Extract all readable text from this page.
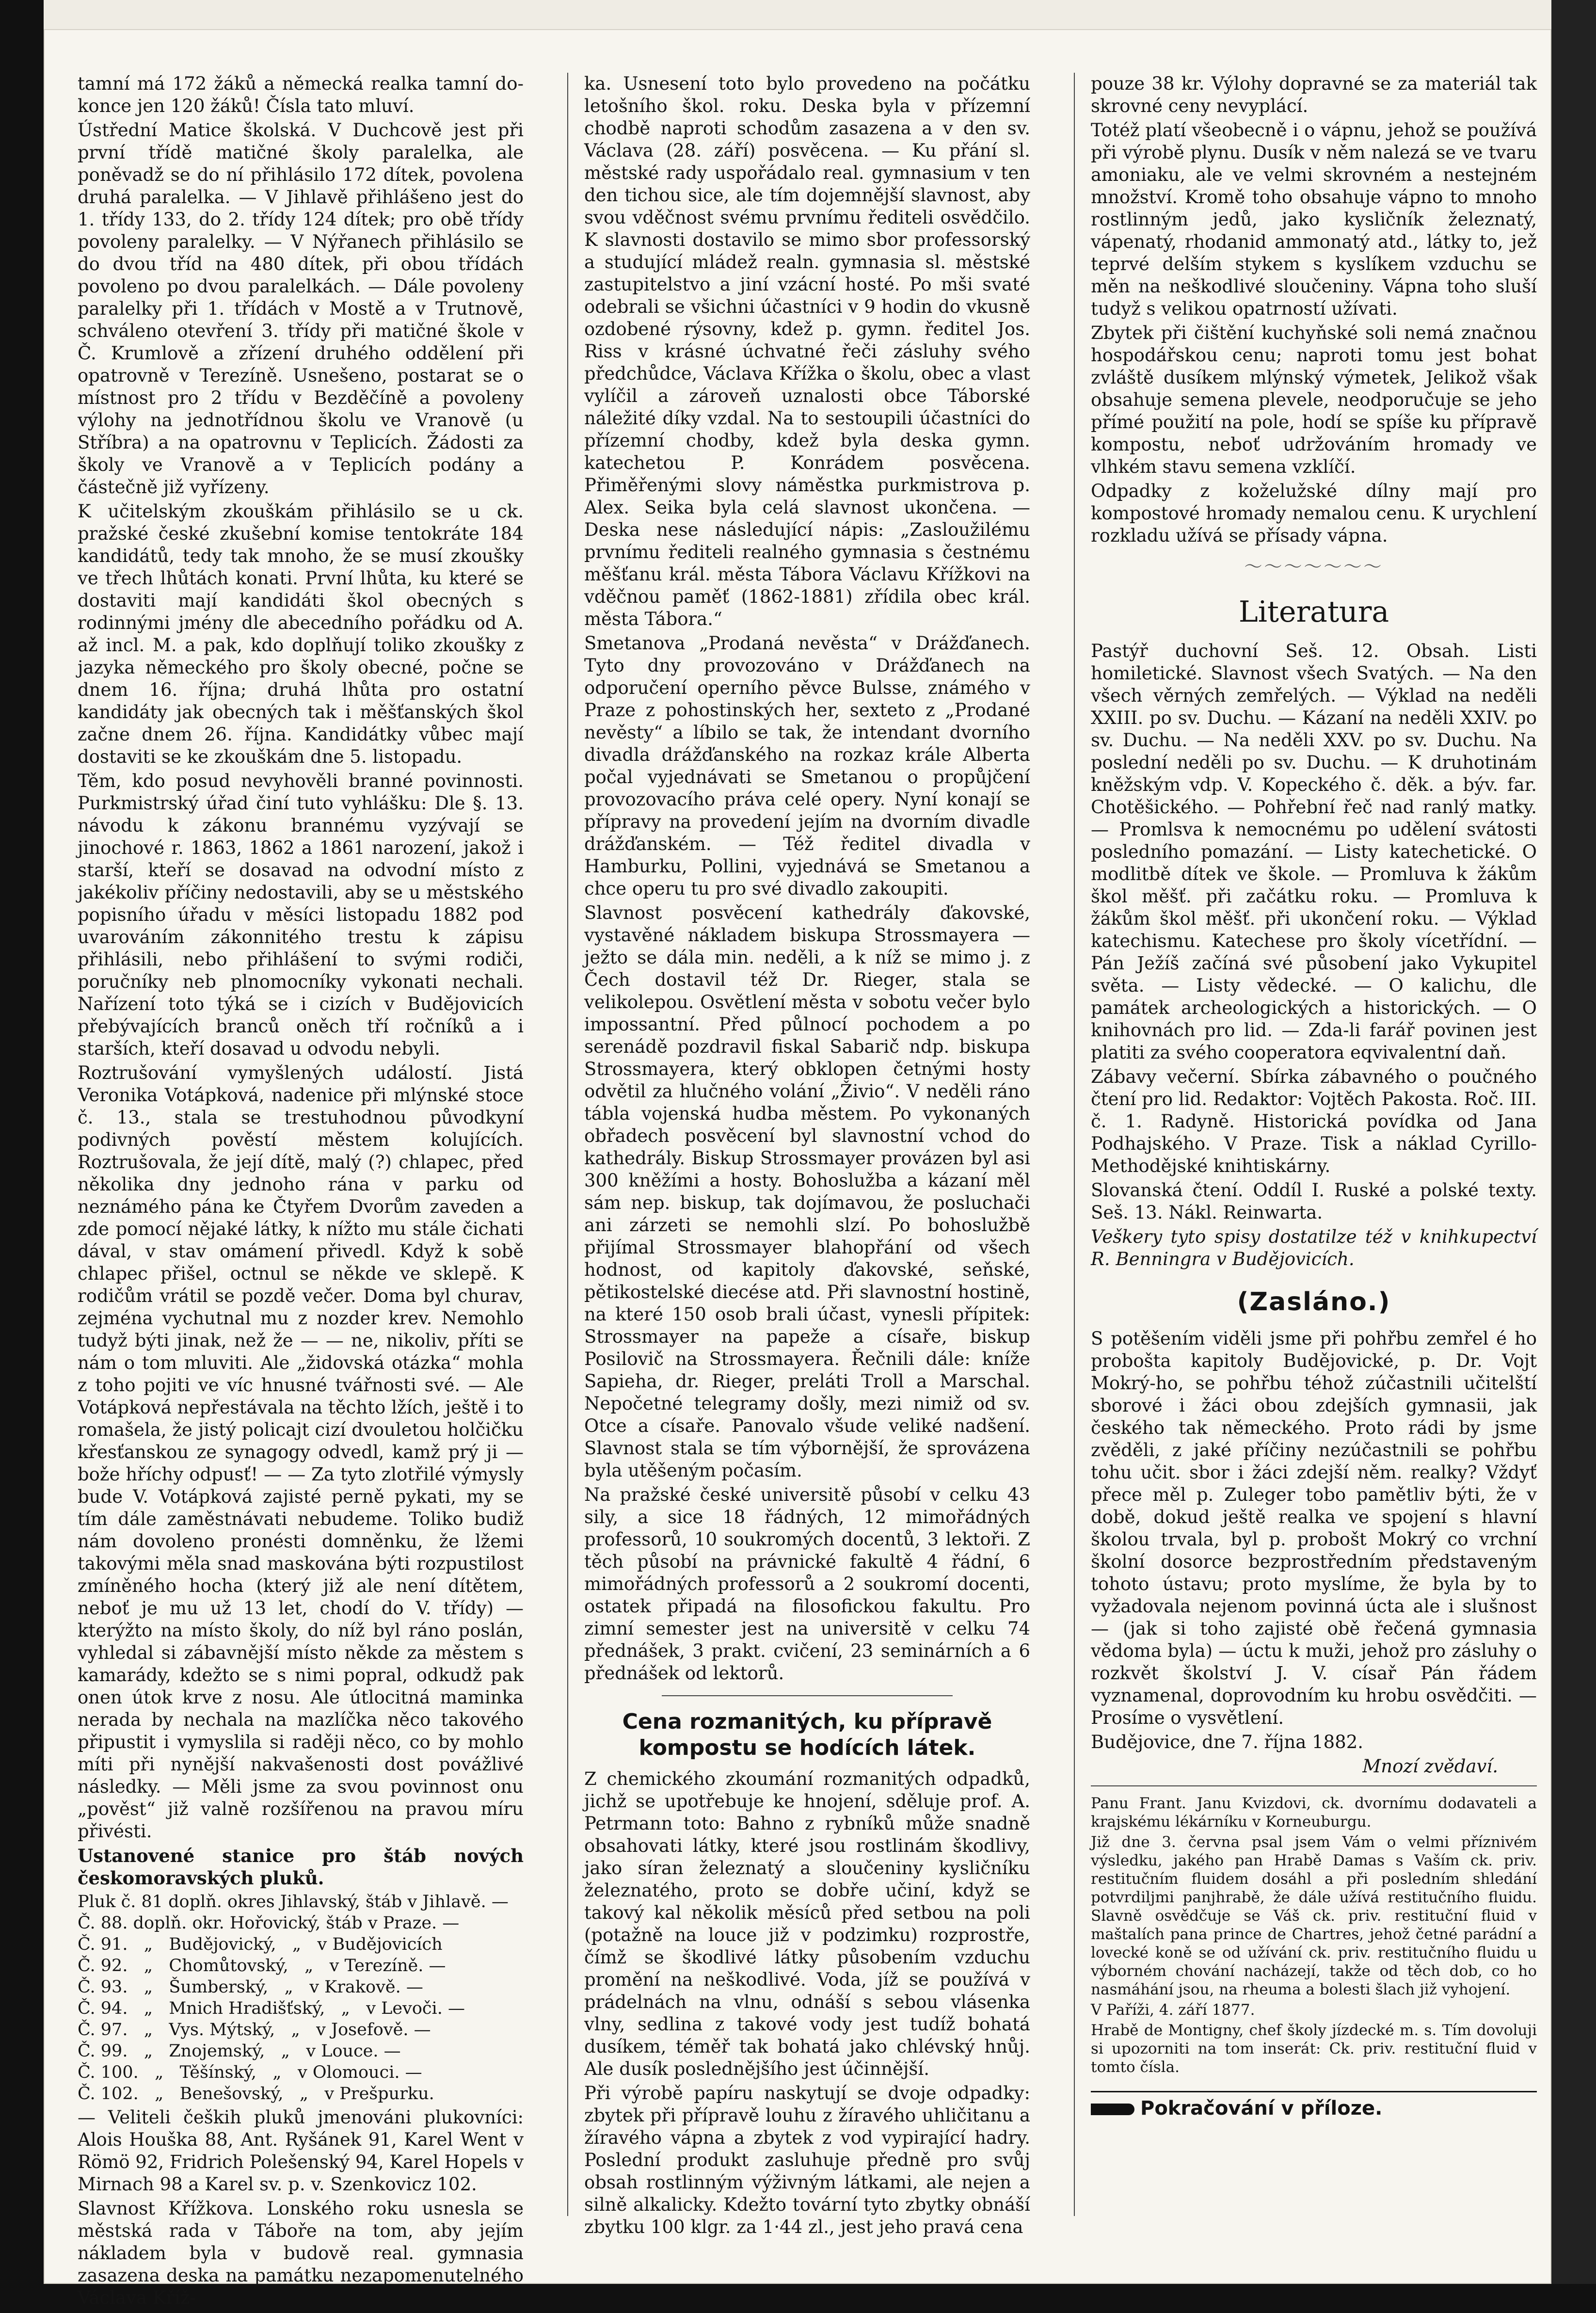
tamní má 172 žáků a německá realka tamní do-konce jen 120 žáků! Čísla tato mluví.

Ústřední Matice školská. V Duchcově jest při první třídě matičné školy paralelka, ale poněvadž se do ní přihlásilo 172 dítek, povolena druhá paralelka. — V Jihlavě přihlášeno jest do 1. třídy 133, do 2. třídy 124 dítek; pro obě třídy povoleny paralelky. — V Nýřanech přihlásilo se do dvou tříd na 480 dítek, při obou třídách povoleno po dvou paralelkách. — Dále povoleny paralelky při 1. třídách v Mostě a v Trutnově, schváleno otevření 3. třídy při matičné škole v Č. Krumlově a zřízení druhého oddělení při opatrovně v Terezíně. Usnešeno, postarat se o místnost pro 2 třídu v Bezděčíně a povoleny výlohy na jednotřídnou školu ve Vranově (u Stříbra) a na opatrovnu v Teplicích. Žádosti za školy ve Vranově a v Teplicích podány a částečně již vyřízeny.

K učitelským zkouškám přihlásilo se u ck. pražské české zkušební komise tentokráte 184 kandidátů, tedy tak mnoho, že se musí zkoušky ve třech lhůtách konati. První lhůta, ku které se dostaviti mají kandidáti škol obecných s rodinnými jmény dle abecedního pořádku od A. až incl. M. a pak, kdo doplňují toliko zkoušky z jazyka německého pro školy obecné, počne se dnem 16. října; druhá lhůta pro ostatní kandidáty jak obecných tak i měšťanských škol začne dnem 26. října. Kandidátky vůbec mají dostaviti se ke zkouškám dne 5. listopadu.

Těm, kdo posud nevyhověli branné povinnosti. Purkmistrský úřad činí tuto vyhlášku: Dle §. 13. návodu k zákonu brannému vyzývají se jinochové r. 1863, 1862 a 1861 narození, jakož i starší, kteří se dosavad na odvodní místo z jakékoliv příčiny nedostavili, aby se u městského popisního úřadu v měsíci listopadu 1882 pod uvarováním zákonnitého trestu k zápisu přihlásili, nebo přihlášení to svými rodiči, poručníky neb plnomocníky vykonati nechali. Nařízení toto týká se i cizích v Budějovicích přebývajících branců oněch tří ročníků a i starších, kteří dosavad u odvodu nebyli.

Roztrušování vymyšlených událostí. Jistá Veronika Votápková, nadenice při mlýnské stoce č. 13., stala se trestuhodnou původkyní podivných pověstí městem kolujících. Roztrušovala, že její dítě, malý (?) chlapec, před několika dny jednoho rána v parku od neznámého pána ke Čtyřem Dvorům zaveden a zde pomocí nějaké látky, k nížto mu stále čichati dával, v stav omámení přivedl. Když k sobě chlapec přišel, octnul se někde ve sklepě. K rodičům vrátil se pozdě večer. Doma byl churav, zejména vychutnal mu z nozder krev. Nemohlo tudyž býti jinak, než že — — ne, nikoliv, příti se nám o tom mluviti. Ale „židovská otázka“ mohla z toho pojiti ve víc hnusné tvářnosti své. — Ale Votápková nepřestávala na těchto lžích, ještě i to romašela, že jistý policajt cizí dvouletou holčičku křesťanskou ze synagogy odvedl, kamž prý ji — bože hříchy odpusť! — — Za tyto zlotřilé výmysly bude V. Votápková zajisté perně pykati, my se tím dále zaměstnávati nebudeme. Toliko budiž nám dovoleno pronésti domněnku, že lžemi takovými měla snad maskována býti rozpustilost zmíněného hocha (který již ale není dítětem, neboť je mu už 13 let, chodí do V. třídy) — kterýžto na místo školy, do níž byl ráno poslán, vyhledal si zábavnější místo někde za městem s kamarády, kdežto se s nimi popral, odkudž pak onen útok krve z nosu. Ale útlocitná maminka nerada by nechala na mazlíčka něco takového připustit i vymyslila si raději něco, co by mohlo míti při nynější nakvašenosti dost povážlivé následky. — Měli jsme za svou povinnost onu „pověst“ již valně rozšířenou na pravou míru přivésti.

Ustanovené stanice pro štáb nových českomoravských pluků.

Pluk č. 81 doplň. okres Jihlavský, štáb v Jihlavě. —
Č. 88. doplň. okr. Hořovický, štáb v Praze. —
Č. 91.   „   Budějovický,   „   v Budějovicích
Č. 92.   „   Chomůtovský,   „   v Terezíně. —
Č. 93.   „   Šumberský,   „   v Krakově. —
Č. 94.   „   Mnich Hradišťský,   „   v Levoči. —
Č. 97.   „   Vys. Mýtský,   „   v Josefově. —
Č. 99.   „   Znojemský,   „   v Louce. —
Č. 100.   „   Těšínský,   „   v Olomouci. —
Č. 102.   „   Benešovský,   „   v Prešpurku.

— Veliteli čeških pluků jmenováni plukovníci: Alois Houška 88, Ant. Ryšánek 91, Karel Went v Römö 92, Fridrich Polešenský 94, Karel Hopels v Mirnach 98 a Karel sv. p. v. Szenkovicz 102.

Slavnost Křížkova. Lonského roku usnesla se městská rada v Táboře na tom, aby jejím nákladem byla v budově real. gymnasia zasazena deska na památku nezapomenutelného Václava Kříž-

ka. Usnesení toto bylo provedeno na počátku letošního škol. roku. Deska byla v přízemní chodbě naproti schodům zasazena a v den sv. Václava (28. září) posvěcena. — Ku přání sl. městské rady uspořádalo real. gymnasium v ten den tichou sice, ale tím dojemnější slavnost, aby svou vděčnost svému prvnímu řediteli osvědčilo. K slavnosti dostavilo se mimo sbor professorský a studující mládež realn. gymnasia sl. městské zastupitelstvo a jiní vzácní hosté. Po mši svaté odebrali se všichni účastníci v 9 hodin do vkusně ozdobené rýsovny, kdež p. gymn. ředitel Jos. Riss v krásné úchvatné řeči zásluhy svého předchůdce, Václava Křížka o školu, obec a vlast vylíčil a zároveň uznalosti obce Táborské náležité díky vzdal. Na to sestoupili účastníci do přízemní chodby, kdež byla deska gymn. katechetou P. Konrádem posvěcena. Přiměřenými slovy náměstka purkmistrova p. Alex. Seika byla celá slavnost ukončena. — Deska nese následující nápis: „Zasloužilému prvnímu řediteli realného gymnasia s čestnému měšťanu král. města Tábora Václavu Křížkovi na vděčnou paměť (1862-1881) zřídila obec král. města Tábora.“

Smetanova „Prodaná nevěsta“ v Drážďanech. Tyto dny provozováno v Drážďanech na odporučení operního pěvce Bulsse, známého v Praze z pohostinských her, sexteto z „Prodané nevěsty“ a líbilo se tak, že intendant dvorního divadla drážďanského na rozkaz krále Alberta počal vyjednávati se Smetanou o propůjčení provozovacího práva celé opery. Nyní konají se přípravy na provedení jejím na dvorním divadle drážďanském. — Též ředitel divadla v Hamburku, Pollini, vyjednává se Smetanou a chce operu tu pro své divadlo zakoupiti.

Slavnost posvěcení kathedrály ďakovské, vystavěné nákladem biskupa Strossmayera — ježto se dála min. neděli, a k níž se mimo j. z Čech dostavil též Dr. Rieger, stala se velikolepou. Osvětlení města v sobotu večer bylo impossantní. Před půlnocí pochodem a po serenádě pozdravil fiskal Sabarič ndp. biskupa Strossmayera, který obklopen četnými hosty odvětil za hlučného volání „Živio“. V neděli ráno tábla vojenská hudba městem. Po vykonaných obřadech posvěcení byl slavnostní vchod do kathedrály. Biskup Strossmayer provázen byl asi 300 kněžími a hosty. Bohoslužba a kázaní měl sám nep. biskup, tak dojímavou, že posluchači ani zárzeti se nemohli slzí. Po bohoslužbě přijímal Strossmayer blahopřání od všech hodnost, od kapitoly ďakovské, seňské, pětikostelské diecése atd. Při slavnostní hostině, na které 150 osob brali účast, vynesli přípitek: Strossmayer na papeže a císaře, biskup Posilovič na Strossmayera. Řečnili dále: kníže Sapieha, dr. Rieger, preláti Troll a Marschal. Nepočetné telegramy došly, mezi nimiž od sv. Otce a císaře. Panovalo všude veliké nadšení. Slavnost stala se tím výbornější, že sprovázena byla utěšeným počasím.

Na pražské české universitě působí v celku 43 sily, a sice 18 řádných, 12 mimořádných professorů, 10 soukromých docentů, 3 lektoři. Z těch působí na právnické fakultě 4 řádní, 6 mimořádných professorů a 2 soukromí docenti, ostatek připadá na filosofickou fakultu. Pro zimní semester jest na universitě v celku 74 přednášek, 3 prakt. cvičení, 23 seminárních a 6 přednášek od lektorů.

Cena rozmanitých, ku přípravě kompostu se hodících látek.

Z chemického zkoumání rozmanitých odpadků, jichž se upotřebuje ke hnojení, sděluje prof. A. Petrmann toto: Bahno z rybníků může snadně obsahovati látky, které jsou rostlinám škodlivy, jako síran železnatý a sloučeniny kysličníku železnatého, proto se dobře učiní, když se takový kal několik měsíců před setbou na poli (potažně na louce již v podzimku) rozprostře, čímž se škodlivé látky působením vzduchu promění na neškodlivé. Voda, jíž se používá v prádelnách na vlnu, odnáší s sebou vlásenka vlny, sedlina z takové vody jest tudíž bohatá dusíkem, téměř tak bohatá jako chlévský hnůj. Ale dusík poslednějšího jest účinnější.

Při výrobě papíru naskytují se dvoje odpadky: zbytek při přípravě louhu z žíravého uhličitanu a žíravého vápna a zbytek z vod vypirající hadry. Poslední produkt zasluhuje předně pro svůj obsah rostlinným výživným látkami, ale nejen a silně alkalicky. Kdežto tovární tyto zbytky obnáší zbytku 100 klgr. za 1·44 zl., jest jeho pravá cena

pouze 38 kr. Výlohy dopravné se za materiál tak skrovné ceny nevyplácí.

Totéž platí všeobecně i o vápnu, jehož se používá při výrobě plynu. Dusík v něm nalezá se ve tvaru amoniaku, ale ve velmi skrovném a nestejném množství. Kromě toho obsahuje vápno to mnoho rostlinným jedů, jako kysličník železnatý, vápenatý, rhodanid ammonatý atd., látky to, jež teprvé delším stykem s kyslíkem vzduchu se měn na neškodlivé sloučeniny. Vápna toho sluší tudyž s velikou opatrností užívati.

Zbytek při čištění kuchyňské soli nemá značnou hospodářskou cenu; naproti tomu jest bohat zvláště dusíkem mlýnský výmetek, Jelikož však obsahuje semena plevele, neodporučuje se jeho přímé použití na pole, hodí se spíše ku přípravě kompostu, neboť udržováním hromady ve vlhkém stavu semena vzklíčí.

Odpadky z koželužské dílny mají pro kompostové hromady nemalou cenu. K urychlení rozkladu užívá se přísady vápna.

～～～～～～～
Literatura

Pastýř duchovní Seš. 12. Obsah. Listi homiletické. Slavnost všech Svatých. — Na den všech věrných zemřelých. — Výklad na neděli XXIII. po sv. Duchu. — Kázaní na neděli XXIV. po sv. Duchu. — Na neděli XXV. po sv. Duchu. Na poslední neděli po sv. Duchu. — K druhotinám kněžským vdp. V. Kopeckého č. děk. a býv. far. Chotěšického. — Pohřební řeč nad ranlý matky. — Promlsva k nemocnému po udělení svátosti posledního pomazání. — Listy katechetické. O modlitbě dítek ve škole. — Promluva k žákům škol měšť. při začátku roku. — Promluva k žákům škol měšť. při ukončení roku. — Výklad katechismu. Katechese pro školy vícetřídní. — Pán Ježíš začíná své působení jako Vykupitel světa. — Listy vědecké. — O kalichu, dle památek archeologických a historických. — O knihovnách pro lid. — Zda-li farář povinen jest platiti za svého cooperatora eqvivalentní daň.

Zábavy večerní. Sbírka zábavného o poučného čtení pro lid. Redaktor: Vojtěch Pakosta. Roč. III. č. 1. Radyně. Historická povídka od Jana Podhajského. V Praze. Tisk a náklad Cyrillo-Methodějské knihtiskárny.

Slovanská čtení. Oddíl I. Ruské a polské texty. Seš. 13. Nákl. Reinwarta.

Veškery tyto spisy dostatilze též v knihkupectví R. Benningra v Budějovicích.

(Zasláno.)

S potěšením viděli jsme při pohřbu zemřel é ho probošta kapitoly Budějovické, p. Dr. Vojt Mokrý-ho, se pohřbu téhož zúčastnili učitelští sborové i žáci obou zdejších gymnasii, jak českého tak německého. Proto rádi by jsme zvěděli, z jaké příčiny nezúčastnili se pohřbu tohu učit. sbor i žáci zdejší něm. realky? Vždyť přece měl p. Zuleger tobo pamětliv býti, že v době, dokud ještě realka ve spojení s hlavní školou trvala, byl p. probošt Mokrý co vrchní školní dosorce bezprostředním představeným tohoto ústavu; proto myslíme, že byla by to vyžadovala nejenom povinná úcta ale i slušnost — (jak si toho zajisté obě řečená gymnasia vědoma byla) — úctu k muži, jehož pro zásluhy o rozkvět školství J. V. císař Pán řádem vyznamenal, doprovodním ku hrobu osvědčiti. — Prosíme o vysvětlení.

Budějovice, dne 7. října 1882.

Mnozí zvědaví.

Panu Frant. Janu Kvizdovi, ck. dvornímu dodavateli a krajskému lékárníku v Korneuburgu.

Již dne 3. června psal jsem Vám o velmi příznivém výsledku, jakého pan Hrabě Damas s Vaším ck. priv. restitučním fluidem dosáhl a při posledním shledání potvrdiljmi panjhrabě, že dále užívá restitučního fluidu. Slavně osvědčuje se Váš ck. priv. restituční fluid v maštalích pana prince de Chartres, jehož četné parádní a lovecké koně se od užívání ck. priv. restitučního fluidu u výborném chování nacházejí, takže od těch dob, co ho nasmáhání jsou, na rheuma a bolesti šlach již vyhojení.

V Paříži, 4. září 1877.

Hrabě de Montigny, chef školy jízdecké m. s. Tím dovoluji si upozorniti na tom inserát: Ck. priv. restituční fluid v tomto čísla.

Pokračování v příloze.
